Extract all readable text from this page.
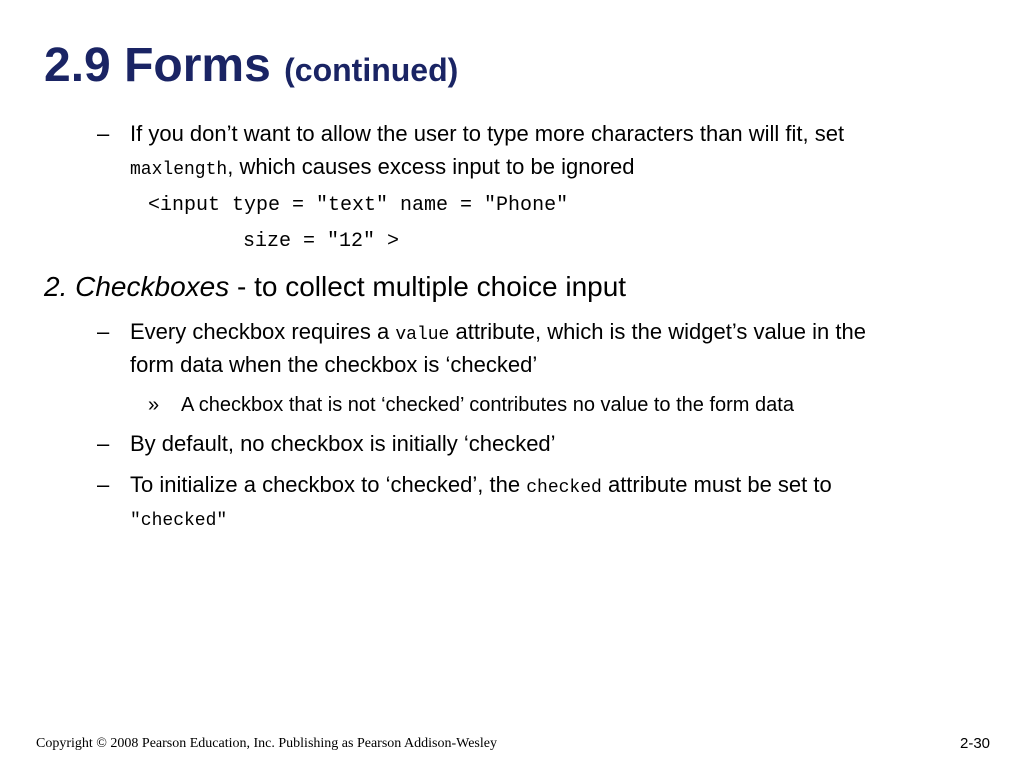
2.9 Forms (continued)
– If you don’t want to allow the user to type more characters than will fit, set
maxlength, which causes excess input to be ignored
<input type = "text" name = "Phone"
size = "12" >
2. Checkboxes - to collect multiple choice input
– Every checkbox requires a value attribute, which is the widget’s value in the
form data when the checkbox is ‘checked’
» A checkbox that is not ‘checked’ contributes no value to the form data
– By default, no checkbox is initially ‘checked’
– To initialize a checkbox to ‘checked’, the checked attribute must be set to
"checked"
Copyright © 2008 Pearson Education, Inc. Publishing as Pearson Addison-Wesley	2-30
